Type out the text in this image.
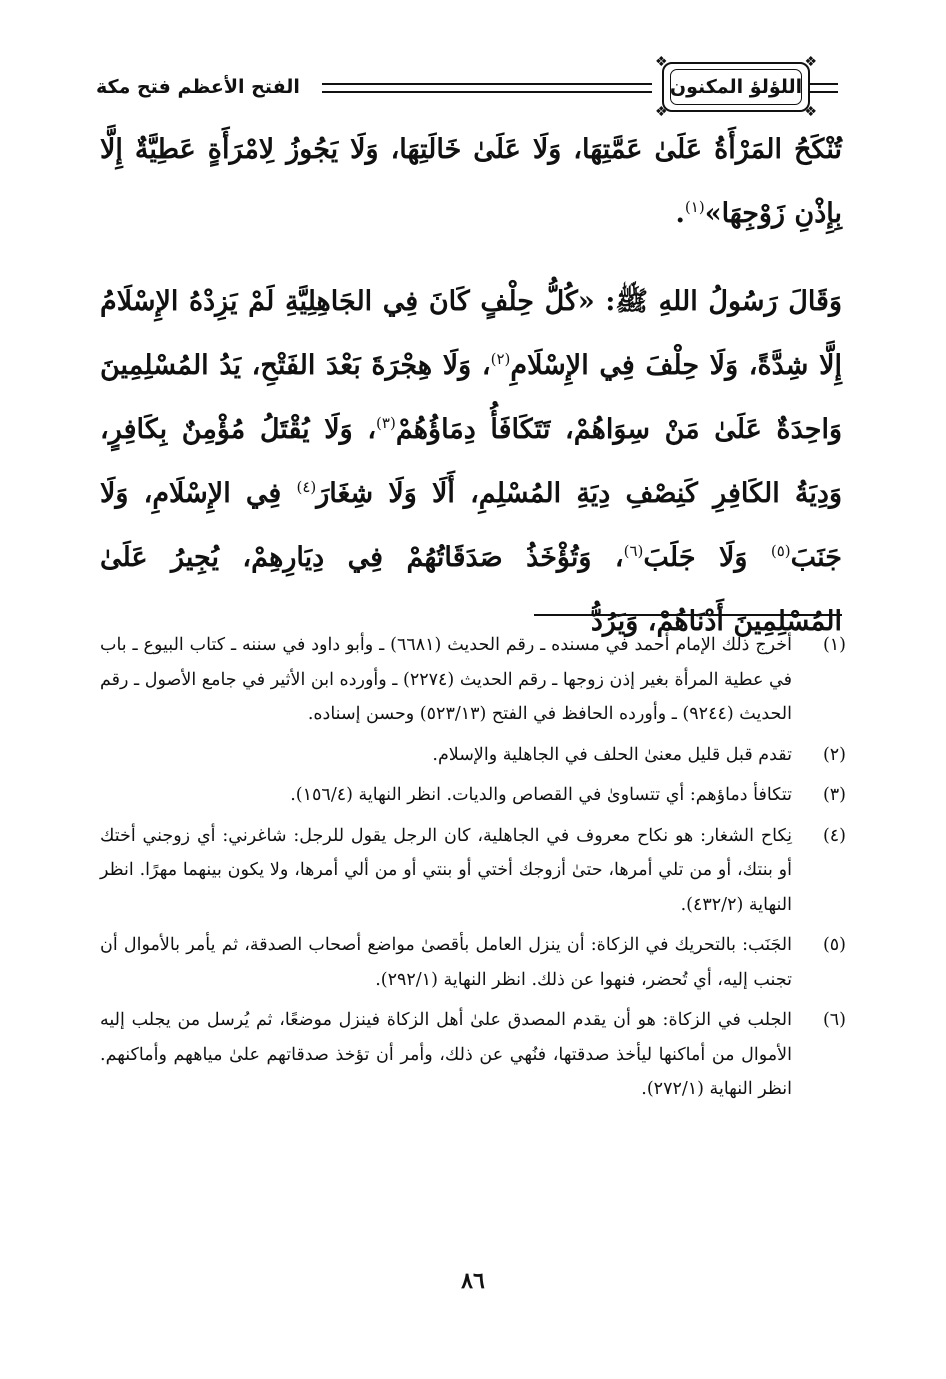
❖	❖
❖	❖
اللؤلؤ المكنون
الفتح الأعظم فتح مكة

تُنْكَحُ المَرْأَةُ عَلَىٰ عَمَّتِهَا، وَلَا عَلَىٰ خَالَتِهَا، وَلَا يَجُوزُ لِامْرَأَةٍ عَطِيَّةٌ إِلَّا بِإِذْنِ زَوْجِهَا»$^{(١)}$.

وَقَالَ رَسُولُ اللهِ ﷺ: «كُلُّ حِلْفٍ كَانَ فِي الجَاهِلِيَّةِ لَمْ يَزِدْهُ الإِسْلَامُ إِلَّا شِدَّةً، وَلَا حِلْفَ فِي الإِسْلَامِ$^{(٢)}$، وَلَا هِجْرَةَ بَعْدَ الفَتْحِ، يَدُ المُسْلِمِينَ وَاحِدَةٌ عَلَىٰ مَنْ سِوَاهُمْ، تَتَكَافَأُ دِمَاؤُهُمْ$^{(٣)}$، وَلَا يُقْتَلُ مُؤْمِنٌ بِكَافِرٍ، وَدِيَةُ الكَافِرِ كَنِصْفِ دِيَةِ المُسْلِمِ، أَلَا وَلَا شِغَارَ$^{(٤)}$ فِي الإِسْلَامِ، وَلَا جَنَبَ$^{(٥)}$ وَلَا جَلَبَ$^{(٦)}$، وَتُؤْخَذُ صَدَقَاتُهُمْ فِي دِيَارِهِمْ، يُجِيرُ عَلَىٰ المُسْلِمِينَ أَدْنَاهُمْ، وَيَرُدُّ

(١)
أخرج ذلك الإمام أحمد في مسنده ـ رقم الحديث (٦٦٨١) ـ وأبو داود في سننه ـ كتاب البيوع ـ باب في عطية المرأة بغير إذن زوجها ـ رقم الحديث (٢٢٧٤) ـ وأورده ابن الأثير في جامع الأصول ـ رقم الحديث (٩٢٤٤) ـ وأورده الحافظ في الفتح (٥٢٣/١٣) وحسن إسناده.
(٢)
تقدم قبل قليل معنىٰ الحلف في الجاهلية والإسلام.
(٣)
تتكافأ دماؤهم: أي تتساوىٰ في القصاص والديات. انظر النهاية (١٥٦/٤).
(٤)
نِكاح الشغار: هو نكاح معروف في الجاهلية، كان الرجل يقول للرجل: شاغرني: أي زوجني أختك أو بنتك، أو من تلي أمرها، حتىٰ أزوجك أختي أو بنتي أو من ألي أمرها، ولا يكون بينهما مهرًا. انظر النهاية (٤٣٢/٢).
(٥)
الجَنَب: بالتحريك في الزكاة: أن ينزل العامل بأقصىٰ مواضع أصحاب الصدقة، ثم يأمر بالأموال أن تجنب إليه، أي تُحضر، فنهوا عن ذلك. انظر النهاية (٢٩٢/١).
(٦)
الجلب في الزكاة: هو أن يقدم المصدق علىٰ أهل الزكاة فينزل موضعًا، ثم يُرسل من يجلب إليه الأموال من أماكنها ليأخذ صدقتها، فنُهي عن ذلك، وأمر أن تؤخذ صدقاتهم علىٰ مياههم وأماكنهم. انظر النهاية (٢٧٢/١).
٨٦
